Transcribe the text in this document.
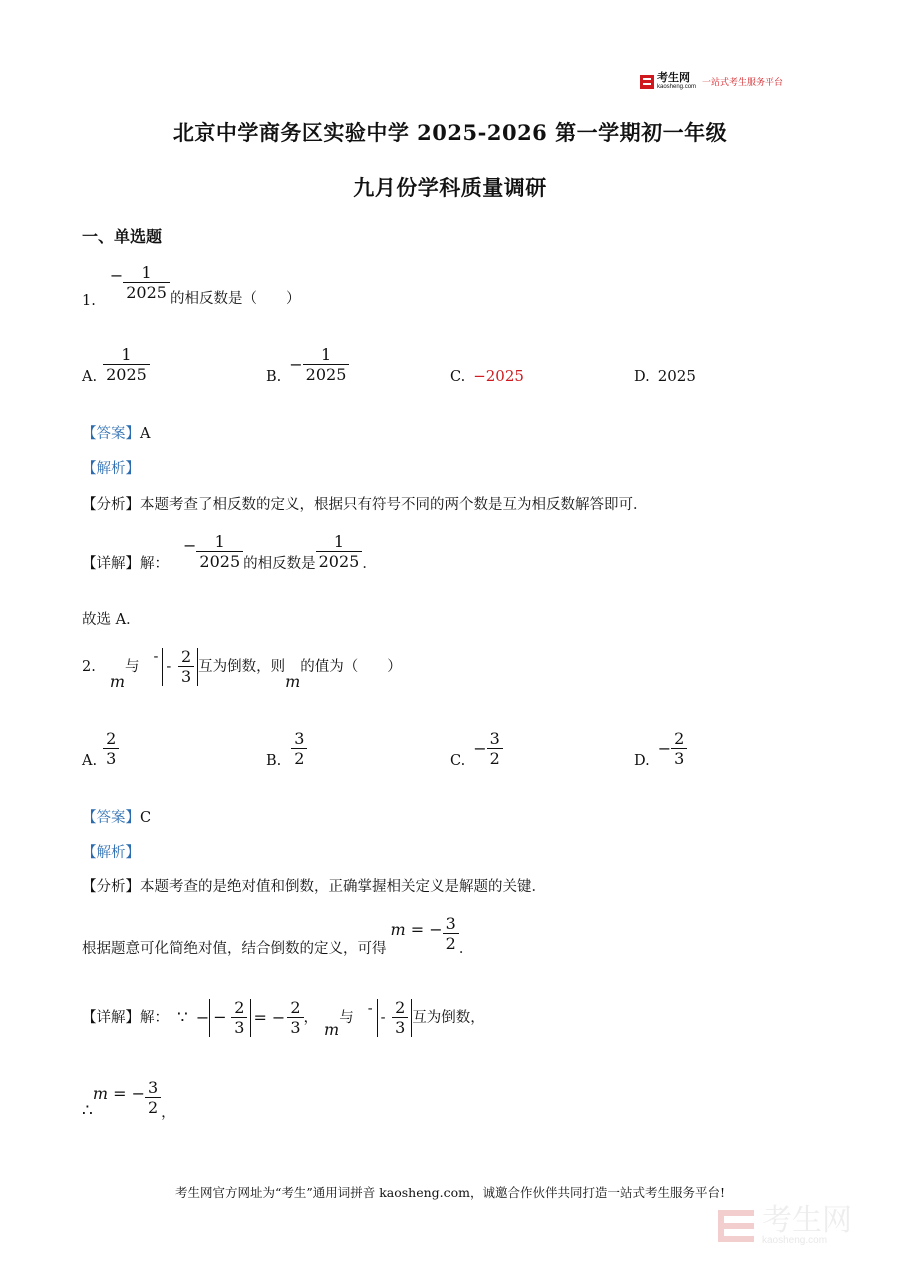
考生网
kaosheng.com 一站式考生服务平台
北京中学商务区实验中学 2025-2026 第一学期初一年级
九月份学科质量调研
一、单选题
1.
− $\frac{1}{2025}$ 的相反数是（　　）
A. $\frac{1}{2025}$	B.
− $\frac{1}{2025}$	C. −2025	D. 2025
【答案】A
【解析】
【分析】本题考查了相反数的定义，根据只有符号不同的两个数是互为相反数解答即可．
【详解】 解：
− $\frac{1}{2025}$ 的相反数是 $\frac{1}{2025}$ ．
故选 A．
2.
m
与
-
- $\frac{2}{3}$ 互为倒数，则
m
的值为（　　）
A. $\frac{2}{3}$	B. $\frac{3}{2}$	C.
− $\frac{3}{2}$	D.
− $\frac{2}{3}$
【答案】C
【解析】
【分析】本题考查的是绝对值和倒数，正确掌握相关定义是解题的关键．
根据题意可化简绝对值，结合倒数的定义，可得
m = − $\frac{3}{2}$ ．
【详解】 解： ∵ − − $\frac{2}{3}$ = − $\frac{2}{3}$ ，
m
与
-
- $\frac{2}{3}$ 互为倒数，
∴
m = − $\frac{3}{2}$ ，
考生网官方网址为“考生”通用词拼音 kaosheng.com，诚邀合作伙伴共同打造一站式考生服务平台!
考生网
kaosheng.com
